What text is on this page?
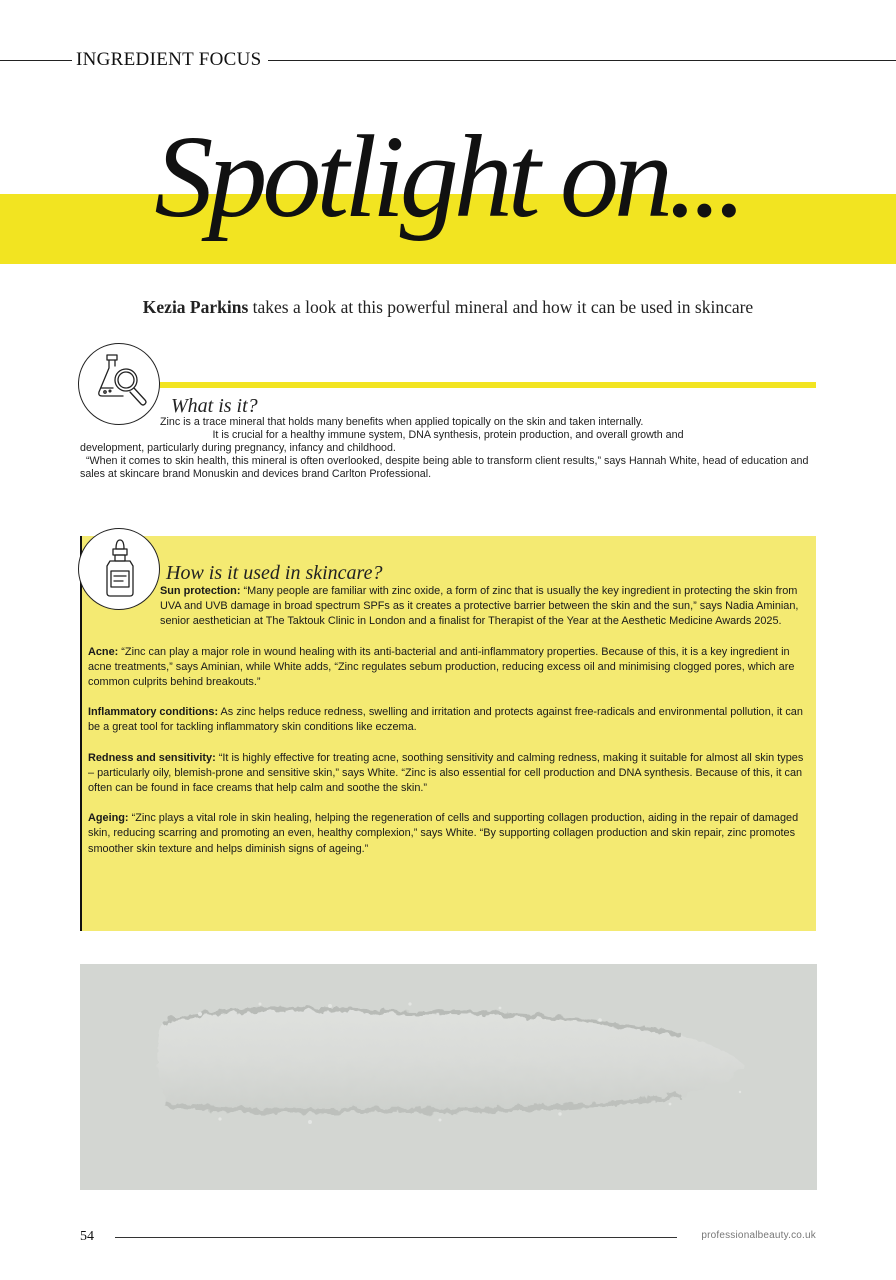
INGREDIENT FOCUS
Spotlight on...
Kezia Parkins takes a look at this powerful mineral and how it can be used in skincare
What is it?

Zinc is a trace mineral that holds many benefits when applied topically on the skin and taken internally.

It is crucial for a healthy immune system, DNA synthesis, protein production, and overall growth and

development, particularly during pregnancy, infancy and childhood.

“When it comes to skin health, this mineral is often overlooked, despite being able to transform client results,” says Hannah White, head of education and sales at skincare brand Monuskin and devices brand Carlton Professional.

How is it used in skincare?

Sun protection: “Many people are familiar with zinc oxide, a form of zinc that is usually the key ingredient in protecting the skin from UVA and UVB damage in broad spectrum SPFs as it creates a protective barrier between the skin and the sun,” says Nadia Aminian, senior aesthetician at The Taktouk Clinic in London and a finalist for Therapist of the Year at the Aesthetic Medicine Awards 2025.

Acne: “Zinc can play a major role in wound healing with its anti-bacterial and anti-inflammatory properties. Because of this, it is a key ingredient in acne treatments,” says Aminian, while White adds, “Zinc regulates sebum production, reducing excess oil and minimising clogged pores, which are common culprits behind breakouts.”

Inflammatory conditions: As zinc helps reduce redness, swelling and irritation and protects against free-radicals and environmental pollution, it can be a great tool for tackling inflammatory skin conditions like eczema.

Redness and sensitivity: “It is highly effective for treating acne, soothing sensitivity and calming redness, making it suitable for almost all skin types – particularly oily, blemish-prone and sensitive skin,” says White. “Zinc is also essential for cell production and DNA synthesis. Because of this, it can often can be found in face creams that help calm and soothe the skin.”

Ageing: “Zinc plays a vital role in skin healing, helping the regeneration of cells and supporting collagen production, aiding in the repair of damaged skin, reducing scarring and promoting an even, healthy complexion,” says White. “By supporting collagen production and skin repair, zinc promotes smoother skin texture and helps diminish signs of ageing.”

54	professionalbeauty.co.uk
